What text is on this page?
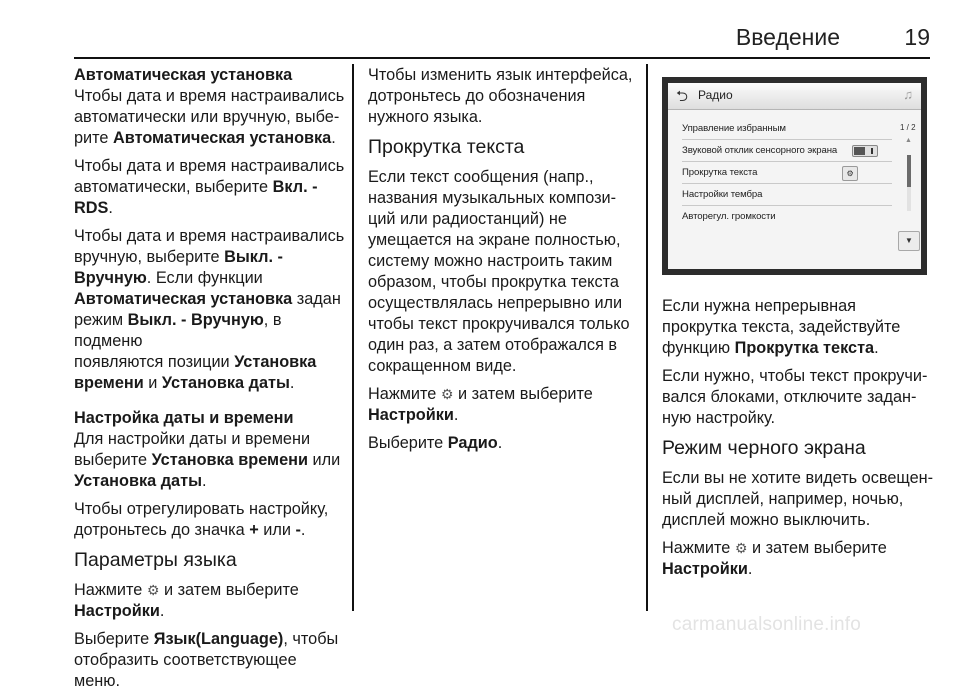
Введение	19

Автоматическая установка

Чтобы дата и время настраивались
автоматически или вручную, выбе-
рите Автоматическая установка.

Чтобы дата и время настраивались
автоматически, выберите Вкл. -
RDS.

Чтобы дата и время настраивались
вручную, выберите Выкл. -
Вручную. Если функции
Автоматическая установка задан
режим Выкл. - Вручную, в подменю
появляются позиции Установка
времени и Установка даты.

Настройка даты и времени

Для настройки даты и времени
выберите Установка времени или
Установка даты.

Чтобы отрегулировать настройку,
дотроньтесь до значка + или -.

Параметры языка

Нажмите ⚙ и затем выберите
Настройки.

Выберите Язык(Language), чтобы
отобразить соответствующее
меню.

Чтобы изменить язык интерфейса,
дотроньтесь до обозначения
нужного языка.

Прокрутка текста

Если текст сообщения (напр.,
названия музыкальных компози-
ций или радиостанций) не
умещается на экране полностью,
систему можно настроить таким
образом, чтобы прокрутка текста
осуществлялась непрерывно или
чтобы текст прокручивался только
один раз, а затем отображался в
сокращенном виде.

Нажмите ⚙ и затем выберите
Настройки.

Выберите Радио.

⮌ Радио	♫
Управление избранным
Звуковой отклик сенсорного экрана
Прокрутка текста	⚙
Настройки тембра
Авторегул. громкости
1 / 2
▲
▼

Если нужна непрерывная
прокрутка текста, задействуйте
функцию Прокрутка текста.

Если нужно, чтобы текст прокручи-
вался блоками, отключите задан-
ную настройку.

Режим черного экрана

Если вы не хотите видеть освещен-
ный дисплей, например, ночью,
дисплей можно выключить.

Нажмите ⚙ и затем выберите
Настройки.

carmanualsonline.info
